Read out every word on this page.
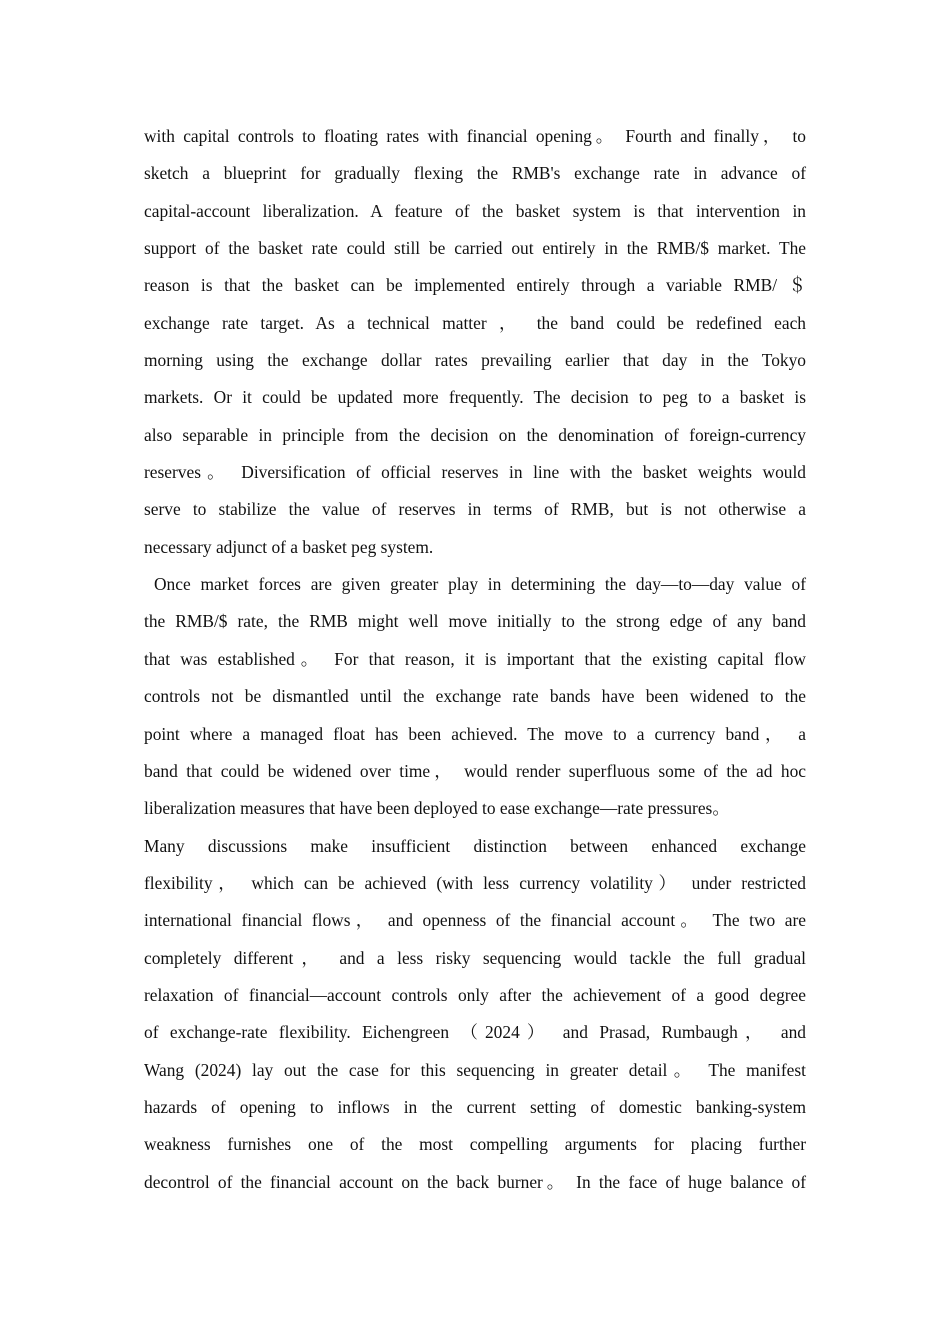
with capital controls to floating rates with financial opening。 Fourth and finally， to
sketch a blueprint for gradually flexing the RMB's exchange rate in advance of
capital-account liberalization. A feature of the basket system is that intervention in
support of the basket rate could still be carried out entirely in the RMB/$ market. The
reason is that the basket can be implemented entirely through a variable RMB/ ＄
exchange rate target. As a technical matter ， the band could be redefined each
morning using the exchange dollar rates prevailing earlier that day in the Tokyo
markets. Or it could be updated more frequently. The decision to peg to a basket is
also separable in principle from the decision on the denomination of foreign-currency
reserves。 Diversification of official reserves in line with the basket weights would
serve to stabilize the value of reserves in terms of RMB, but is not otherwise a
necessary adjunct of a basket peg system.
Once market forces are given greater play in determining the day—to—day value of
the RMB/$ rate, the RMB might well move initially to the strong edge of any band
that was established。 For that reason, it is important that the existing capital flow
controls not be dismantled until the exchange rate bands have been widened to the
point where a managed float has been achieved. The move to a currency band， a
band that could be widened over time， would render superfluous some of the ad hoc
liberalization measures that have been deployed to ease exchange—rate pressures。
Many discussions make insufficient distinction between enhanced exchange
flexibility， which can be achieved (with less currency volatility） under restricted
international financial flows， and openness of the financial account。 The two are
completely different， and a less risky sequencing would tackle the full gradual
relaxation of financial—account controls only after the achievement of a good degree
of exchange-rate flexibility. Eichengreen （2024） and Prasad, Rumbaugh， and
Wang (2024) lay out the case for this sequencing in greater detail。 The manifest
hazards of opening to inflows in the current setting of domestic banking-system
weakness furnishes one of the most compelling arguments for placing further
decontrol of the financial account on the back burner。 In the face of huge balance of
